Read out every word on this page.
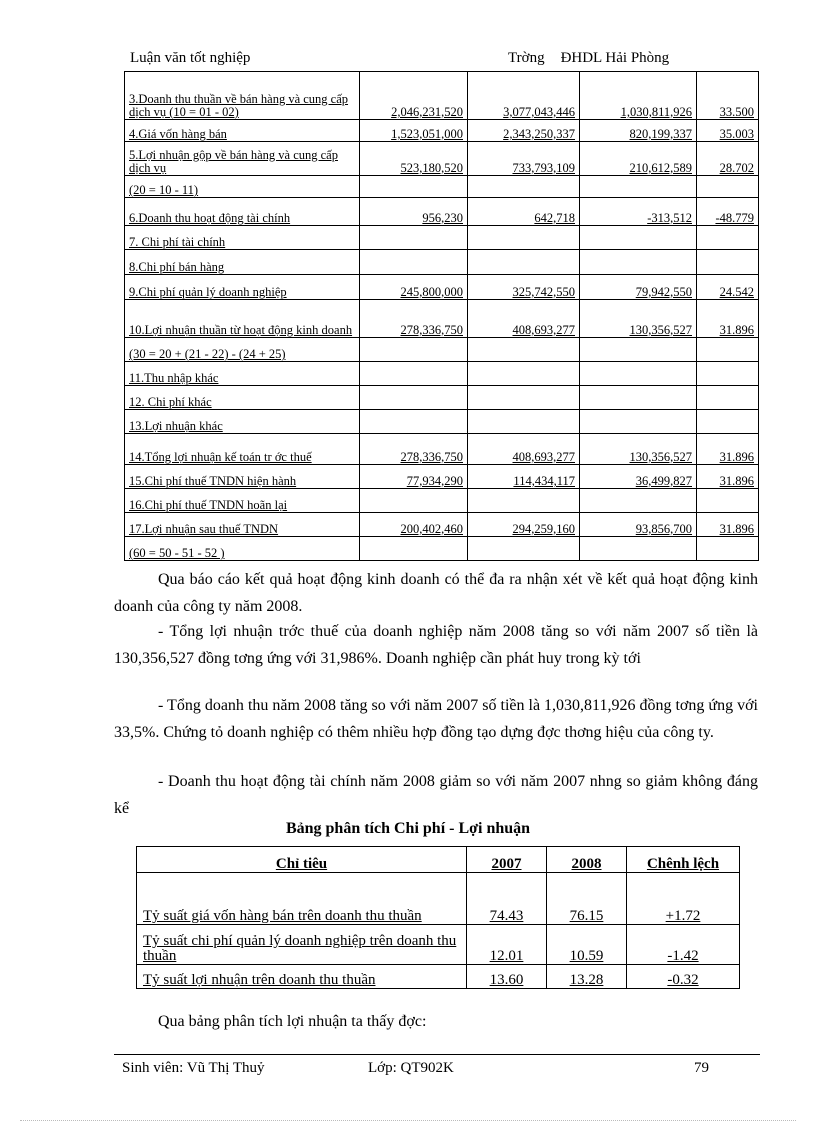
Luận văn tốt nghiệp	Trờng ĐHDL Hải Phòng
3.Doanh thu thuần về bán hàng và cung cấp dịch vụ (10 = 01 - 02)	2,046,231,520	3,077,043,446	1,030,811,926	33.500
4.Giá vốn hàng bán	1,523,051,000	2,343,250,337	820,199,337	35.003
5.Lợi nhuận gộp về bán hàng và cung cấp dịch vụ	523,180,520	733,793,109	210,612,589	28.702
(20 = 10 - 11)				
6.Doanh thu hoạt động tài chính	956,230	642,718	-313,512	-48.779
7. Chi phí tài chính				
8.Chi phí bán hàng				
9.Chi phí quản lý doanh nghiệp	245,800,000	325,742,550	79,942,550	24.542
10.Lợi nhuận thuần từ hoạt động kinh doanh	278,336,750	408,693,277	130,356,527	31.896
(30 = 20 + (21 - 22) - (24 + 25)				
11.Thu nhập khác				
12. Chi phí khác				
13.Lợi nhuận khác				
14.Tổng lợi nhuận kế toán tr ớc thuế	278,336,750	408,693,277	130,356,527	31.896
15.Chi phí thuế TNDN hiện hành	77,934,290	114,434,117	36,499,827	31.896
16.Chi phí thuế TNDN hoãn lại				
17.Lợi nhuận sau thuế TNDN	200,402,460	294,259,160	93,856,700	31.896
(60 = 50 - 51 - 52 )				
Qua báo cáo kết quả hoạt động kinh doanh có thể đa ra nhận xét về kết quả hoạt động kinh doanh của công ty năm 2008.
- Tổng lợi nhuận trớc thuế của doanh nghiệp năm 2008 tăng so với năm 2007 số tiền là 130,356,527 đồng tơng ứng với 31,986%. Doanh nghiệp cần phát huy trong kỳ tới
- Tổng doanh thu năm 2008 tăng so với năm 2007 số tiền là 1,030,811,926 đồng tơng ứng với 33,5%. Chứng tỏ doanh nghiệp có thêm nhiều hợp đồng tạo dựng đợc thơng hiệu của công ty.
- Doanh thu hoạt động tài chính năm 2008 giảm so với năm 2007 nhng so giảm không đáng kể
Bảng phân tích Chi phí - Lợi nhuận
Chỉ tiêu	2007	2008	Chênh lệch
Tỷ suất giá vốn hàng bán trên doanh thu thuần	74.43	76.15	+1.72
Tỷ suất chi phí quản lý doanh nghiệp trên doanh thu thuần	12.01	10.59	-1.42
Tỷ suất lợi nhuận trên doanh thu thuần	13.60	13.28	-0.32
Qua bảng phân tích lợi nhuận ta thấy đợc:
Sinh viên: Vũ Thị Thuỷ	Lớp: QT902K	79
